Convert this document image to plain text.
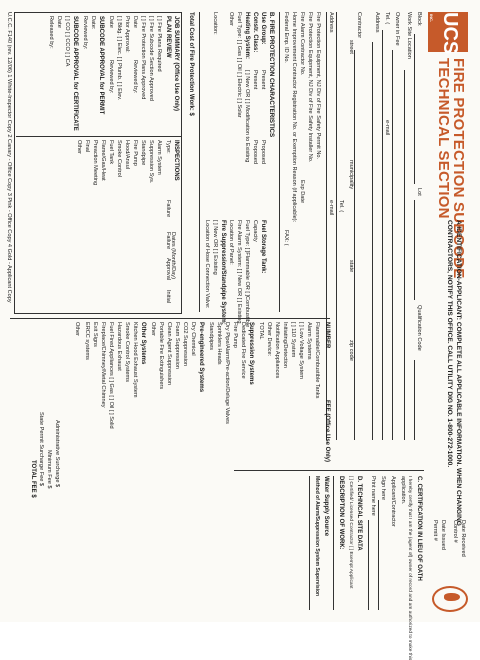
UCS
INC.
FIRE PROTECTION SUBCODE
TECHNICAL SECTION
A IDENTIFICATION-APPLICANT: COMPLETE ALL APPLICABLE INFORMATION. WHEN CHANGING
CONTRACTORS, NOTIFY THIS OFFICE. CALL UTILITY DIG NO. 1-800-272-1000.
Block
Lot
Qualification Code
Work Site Location
Owner in Fee
Tel. (
e-mail
Address
Contractor
street
municipality
state
zip code
Tel. (
Address
e-mail
Fire Protection Equipment, NJ Div of Fire Safety Permit No.
Fire Protection Equipment, NJ Div of Fire Safety Installer No.
Fire Alarm Contractor No.
Exp Date
Home Improvement Contractor Registration No. or Exemption Reason (if applicable):
Federal Emp. ID No.
FAX: (
B. FIRE PROTECTION CHARACTERISTICS
Use Group:
Present
Proposed
Fuel Storage Tank:
Constr. Class:
Present
Proposed
Capacity
Heating System:
[ ] New OR [ ] Modification to Existing
Fuel Type: [ ]Flammable OR [ ]Combustible
Fuel Type: [ ] Gas [ ] Oil [ ] Electric [ ] Solar
Fire Alarm System: [ ] New OR [ ] Existing
Other
Location of Panel:
Fire Suppression/Standpipe System:
[ ] New OR [ ] Existing
Location:
Location of Hose Connection Valve:
Total Cost of Fire Protection Work: $
JOB SUMMARY (Office Use Only)
INSPECTIONS
PLAN REVIEW
Type:
Failure
Dates (Month/Day)
Failure
Approval
Initial
[ ] Fire Plans Required
[ ] Fire Subcode Section Approved
[ ] Fire Protection Plans Approved
Date
Reviewed by:
Prior Approval:
[ ] Bldg. [ ] Elec. [ ] Plumb. [ ] Elev.
Date
Reviewed by:
SUBCODE APPROVAL for PERMIT
Date:
Reviewed by:
SUBCODE APPROVAL for CERTIFICATE
[ ] CO [ ] CCO [ ] CA
Date
Released by:
Alarm System
Suppression Sys.
Standpipe
Fire Pump
Hood/Ansul
Smoke Control
Fuel Tank
Flame/Gas/Heat
Preaction Meeting
Final
Other
U.C.C. F140 (rev. 12/06) 1 White-Inspector Copy 2 Canary - Office Copy 3 Pink - Office Copy 4 Gold - Applicant Copy
NUMBER
FEE (Office Use Only)
Flammable/Combustible Tanks
Alarm Systems
[ ] Low Voltage System
[ ] 110 System
Initiating/Detection
Notification Appliances
Other Device:
TOTAL
Suppression Systems
Dedicated Fire Service
Fire Pump
Dry Pipe/Alarm/Pre-action/Deluge Valves
Sprinklers Heads
Standpipes
Pre-engineered Systems
Dry Chemical
CO2 Suppression
Foam Suppression
Clean Agent Suppression
Portable Fire Extinguishers
Other
Other Systems
Kitchen Hood Exhaust System
Smoke Control Systems
Hazardous Exhaust
Fuel Fired Appliances [ ] Gas [ ] Oil [ ] Solid
Fireplace/Chimney/Metal Chimney
Exit Signs
ERCC systems
Other
Administrative Surcharge $
Minimum Fee $
State Permit Surcharge Fee $
TOTAL FEE $
Date Received
Control #
Date Issued
Permit #
C. CERTIFICATION IN LIEU OF OATH
I hereby certify that I am the (agent of) owner of record and am authorized to make this
application.
Applicant/Contractor
Sign here
Print name here
D. TECHNICAL SITE DATA
[ ] Certified/ Licensed Contractor [ ] Exempt Applicant
DESCRIPTION OF WORK:
Water Supply Source
Method of Alarm/Suppression System Supervision
